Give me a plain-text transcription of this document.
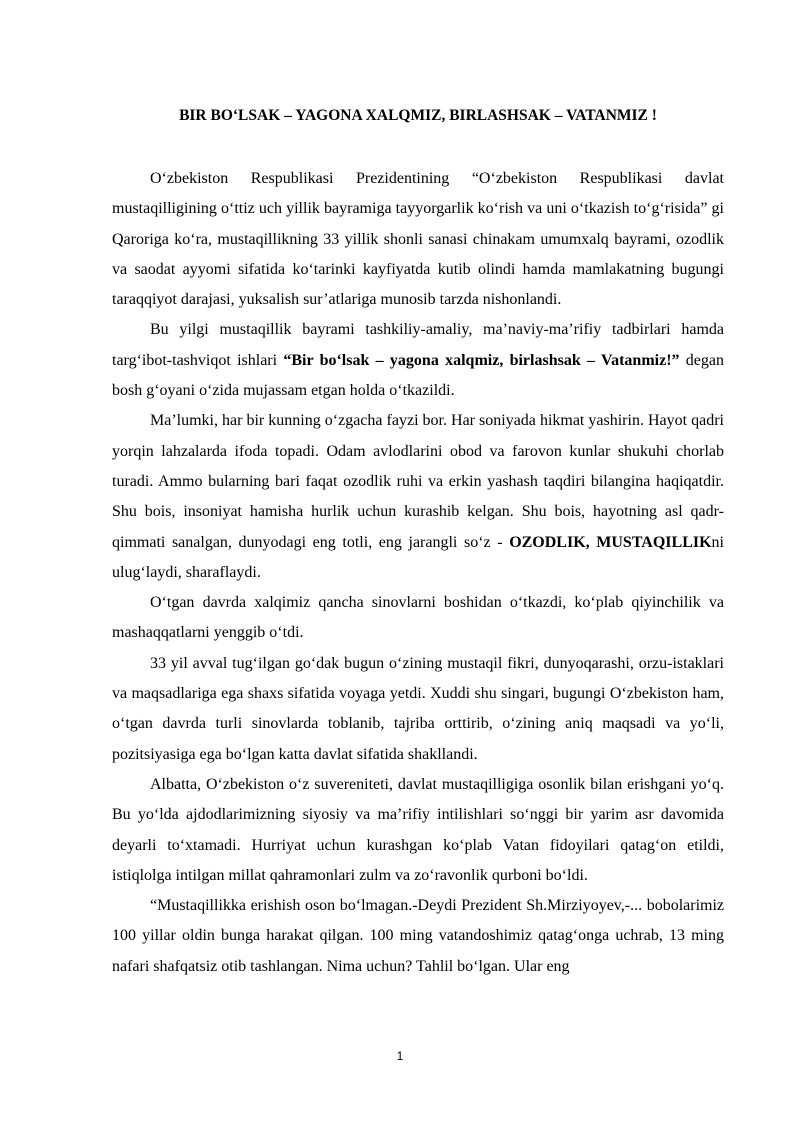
BIR BO‘LSAK – YAGONA XALQMIZ, BIRLASHSAK – VATANMIZ !

O‘zbekiston Respublikasi Prezidentining “O‘zbekiston Respublikasi davlat mustaqilligining o‘ttiz uch yillik bayramiga tayyorgarlik ko‘rish va uni o‘tkazish to‘g‘risida” gi Qaroriga ko‘ra, mustaqillikning 33 yillik shonli sanasi chinakam umumxalq bayrami, ozodlik va saodat ayyomi sifatida ko‘tarinki kayfiyatda kutib olindi hamda mamlakatning bugungi taraqqiyot darajasi, yuksalish sur’atlariga munosib tarzda nishonlandi.

Bu yilgi mustaqillik bayrami tashkiliy-amaliy, ma’naviy-ma’rifiy tadbirlari hamda targ‘ibot-tashviqot ishlari “Bir bo‘lsak – yagona xalqmiz, birlashsak – Vatanmiz!” degan bosh g‘oyani o‘zida mujassam etgan holda o‘tkazildi.

Ma’lumki, har bir kunning o‘zgacha fayzi bor. Har soniyada hikmat yashirin. Hayot qadri yorqin lahzalarda ifoda topadi. Odam avlodlarini obod va farovon kunlar shukuhi chorlab turadi. Ammo bularning bari faqat ozodlik ruhi va erkin yashash taqdiri bilangina haqiqatdir. Shu bois, insoniyat hamisha hurlik uchun kurashib kelgan. Shu bois, hayotning asl qadr-qimmati sanalgan, dunyodagi eng totli, eng jarangli so‘z - OZODLIK, MUSTAQILLIKni ulug‘laydi, sharaflaydi.

O‘tgan davrda xalqimiz qancha sinovlarni boshidan o‘tkazdi, ko‘plab qiyinchilik va mashaqqatlarni yenggib o‘tdi.

33 yil avval tug‘ilgan go‘dak bugun o‘zining mustaqil fikri, dunyoqarashi, orzu-istaklari va maqsadlariga ega shaxs sifatida voyaga yetdi. Xuddi shu singari, bugungi O‘zbekiston ham, o‘tgan davrda turli sinovlarda toblanib, tajriba orttirib, o‘zining aniq maqsadi va yo‘li, pozitsiyasiga ega bo‘lgan katta davlat sifatida shakllandi.

Albatta, O‘zbekiston o‘z suvereniteti, davlat mustaqilligiga osonlik bilan erishgani yo‘q. Bu yo‘lda ajdodlarimizning siyosiy va ma’rifiy intilishlari so‘nggi bir yarim asr davomida deyarli to‘xtamadi. Hurriyat uchun kurashgan ko‘plab Vatan fidoyilari qatag‘on etildi, istiqlolga intilgan millat qahramonlari zulm va zo‘ravonlik qurboni bo‘ldi.

“Mustaqillikka erishish oson bo‘lmagan.-Deydi Prezident Sh.Mirziyoyev,-... bobolarimiz 100 yillar oldin bunga harakat qilgan. 100 ming vatandoshimiz qatag‘onga uchrab, 13 ming nafari shafqatsiz otib tashlangan. Nima uchun? Tahlil bo‘lgan. Ular eng

1
